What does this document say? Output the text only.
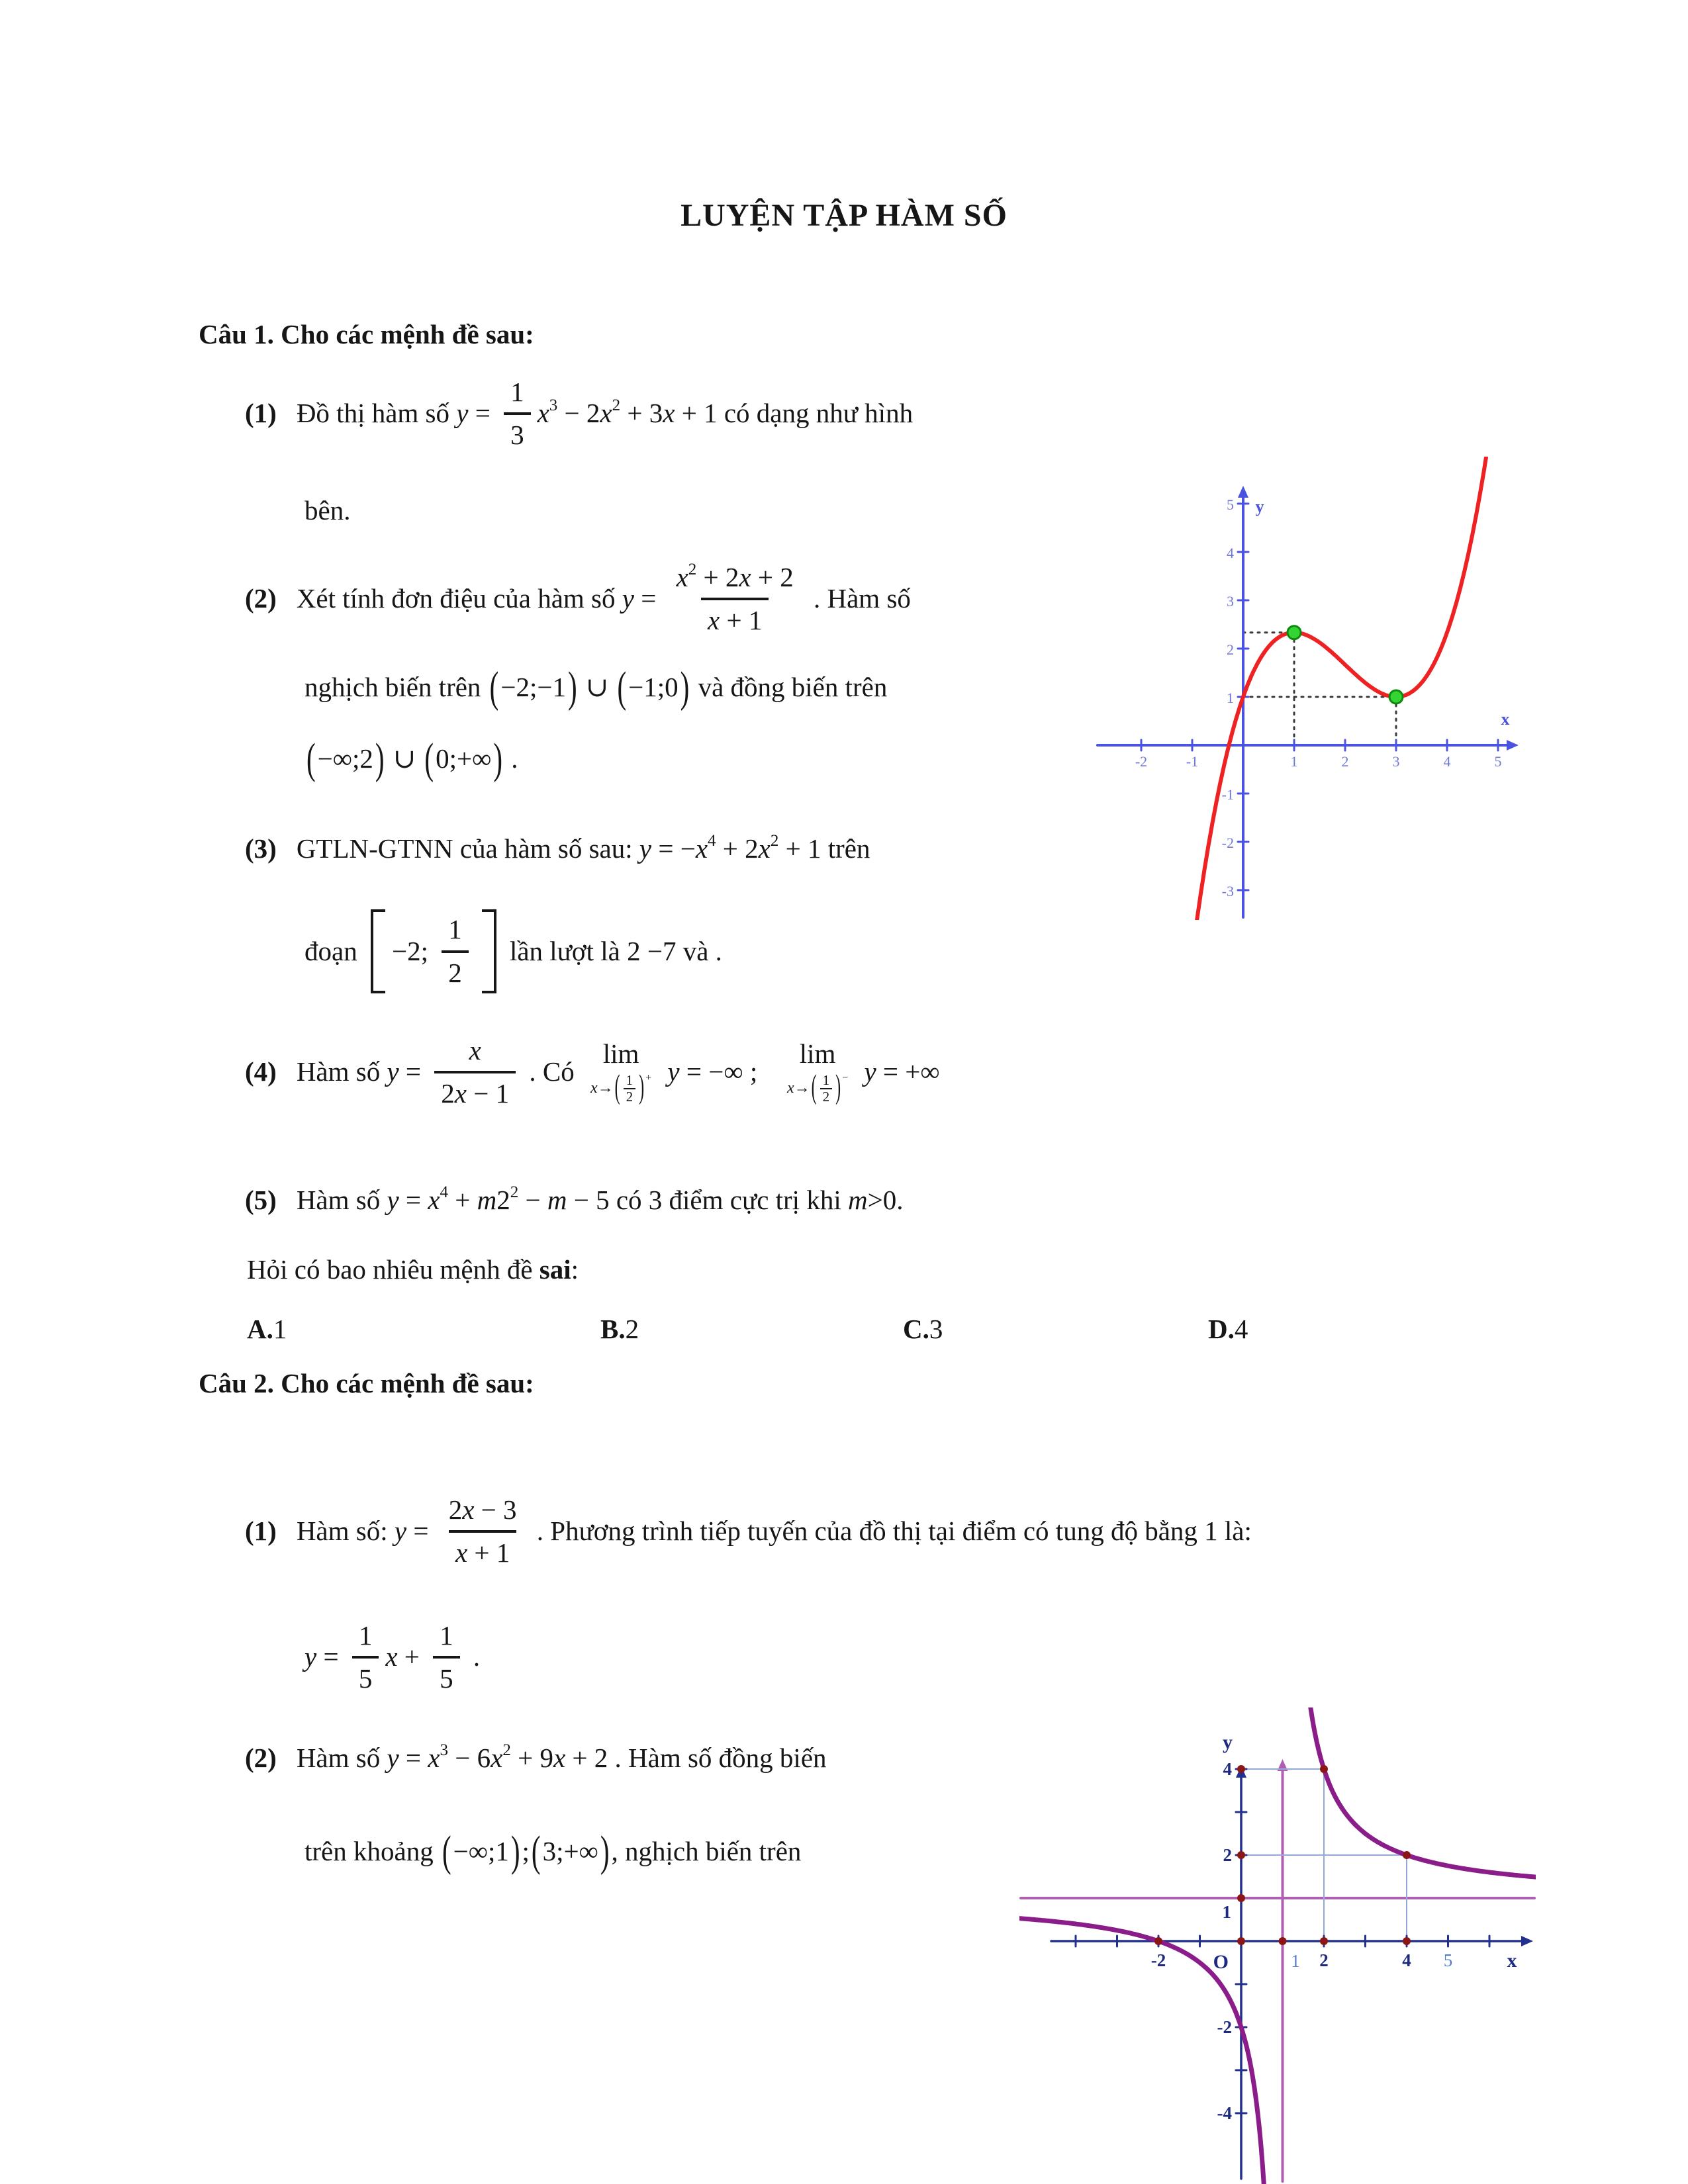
LUYỆN TẬP HÀM SỐ
Câu 1. Cho các mệnh đề sau:
(1) Đồ thị hàm số $y = \frac{1}{3}$ x 3 − 2 x 2 + 3 x + 1 có dạng như hình
bên.
(2) Xét tính đơn điệu của hàm số $y = \frac{x 2 + 2 x + 2}{x + 1}$ . Hàm số
nghịch biến trên ( −2;−1 ) ∪ ( −1;0 ) và đồng biến trên
( −∞;2 ) ∪ ( 0;+∞ ) .
(3) GTLN-GTNN của hàm số sau: y = − x 4 + 2 x 2 + 1 trên
đoạn −2;
1
2
lần lượt là 2 −7 và .
(4) Hàm số $y = \frac{x}{2 x - 1}$ . Có
lim
x → ( 1
2 ) +
y = −∞ ;
lim
x → ( 1
2 ) −
y = +∞
(5) Hàm số y = x 4 + m 2 2 − m − 5 có 3 điểm cực trị khi m >0.
Hỏi có bao nhiêu mệnh đề sai :
A.1	B.2	C.3	D.4
Câu 2. Cho các mệnh đề sau:
(1) Hàm số: $y = \frac{2 x - 3}{x + 1}$ . Phương trình tiếp tuyến của đồ thị tại điểm có tung độ bằng 1 là:
$y = \frac{1}{5}$ $x + \frac{1}{5}$ .
(2) Hàm số y = x 3 − 6 x 2 + 9 x + 2 . Hàm số đồng biến
trên khoảng ( −∞;1 ) ; ( 3;+∞ ) , nghịch biến trên
-2	-1	1	2	3	4	5
5
4
3
2
1
-1
-2
-3
y
x
-2	2	4 5
4
2
-2
-4
y
x
O	1
1
